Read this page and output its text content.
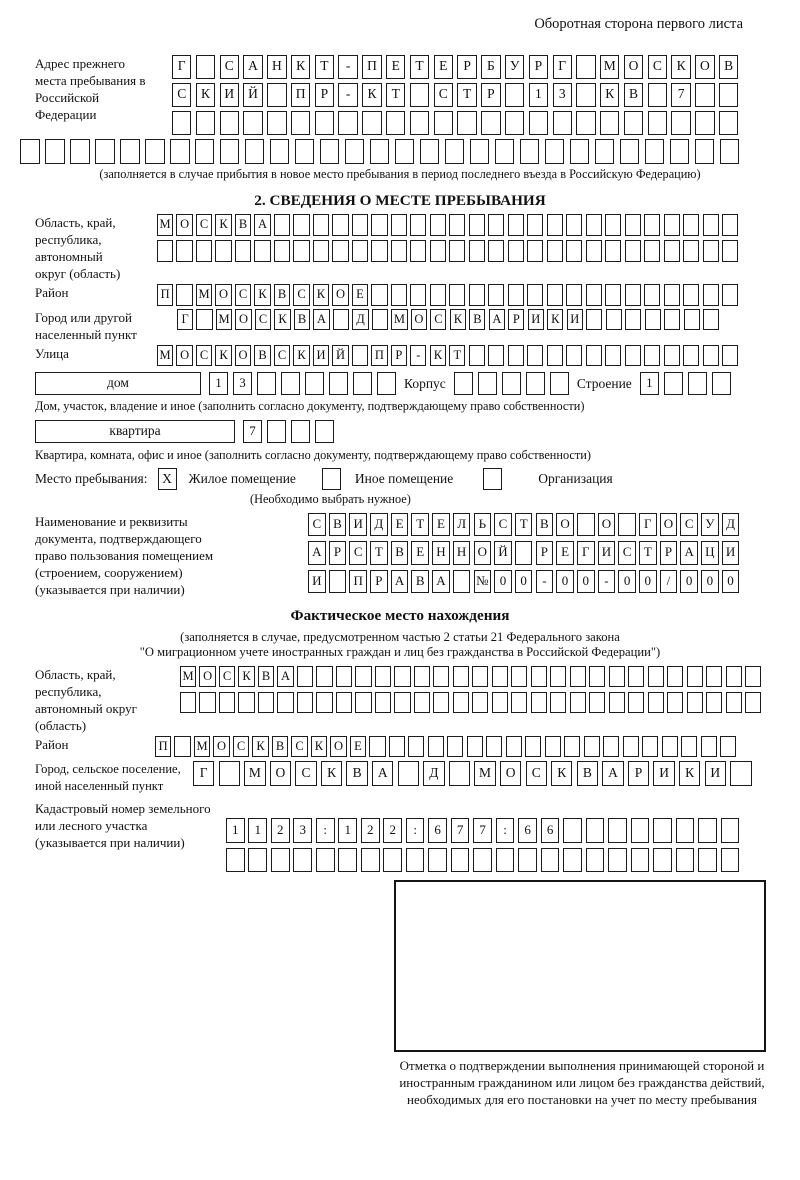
Оборотная сторона первого листа
Адрес прежнего места пребывания в Российской Федерации
Г	С	А	Н	К	Т	-	П	Е	Т	Е	Р	Б	У	Р	Г	М О	С	К	О	В
С	К	И	Й	П	Р	-	К	Т	С	Т	Р	1	3	К	В	7
(заполняется в случае прибытия в новое место пребывания в период последнего въезда в Российскую Федерацию)
2. СВЕДЕНИЯ О МЕСТЕ ПРЕБЫВАНИЯ
Область, край, республика, автономный округ (область)
М О С К В А
Район	П М О С К В С К О Е
Город или другой населенный пункт
Г	М О С К В А	Д	М О С К В А Р И К И
Улица	М О С К О В С К И Й П Р	-	К Т
дом	1	3	Корпус	Строение	1
Дом, участок, владение и иное (заполнить согласно документу, подтверждающему право собственности)
квартира	7
Квартира, комната, офис и иное (заполнить согласно документу, подтверждающему право собственности)
Место пребывания:	X	Жилое помещение	Иное помещение	Организация
(Необходимо выбрать нужное)
Наименование и реквизиты документа, подтверждающего право пользования помещением (строением, сооружением) (указывается при наличии)
С В И Д Е Т Е Л Ь С Т В О	О	Г О С У Д
А Р С Т В Е Н Н О Й	Р	Е Г И С Т	Р А Ц И
И	П Р А В А	№ 0	0	-	0	0	-	0	0	/	0	0	0
Фактическое место нахождения
(заполняется в случае, предусмотренном частью 2 статьи 21 Федерального закона
"О миграционном учете иностранных граждан и лиц без гражданства в Российской Федерации")
Область, край, республика, автономный округ (область)
М О С К В А
Район	П М О С К В С К О Е
Город, сельское поселение, иной населенный пункт
Г	М	О	С	К	В	А	Д	М	О	С	К	В	А	Р	И	К	И
Кадастровый номер земельного или лесного участка (указывается при наличии)
1	1	2	3	:	1	2	2	:	6	7	7	:	6	6
Отметка о подтверждении выполнения принимающей стороной и иностранным гражданином или лицом без гражданства действий, необходимых для его постановки на учет по месту пребывания
